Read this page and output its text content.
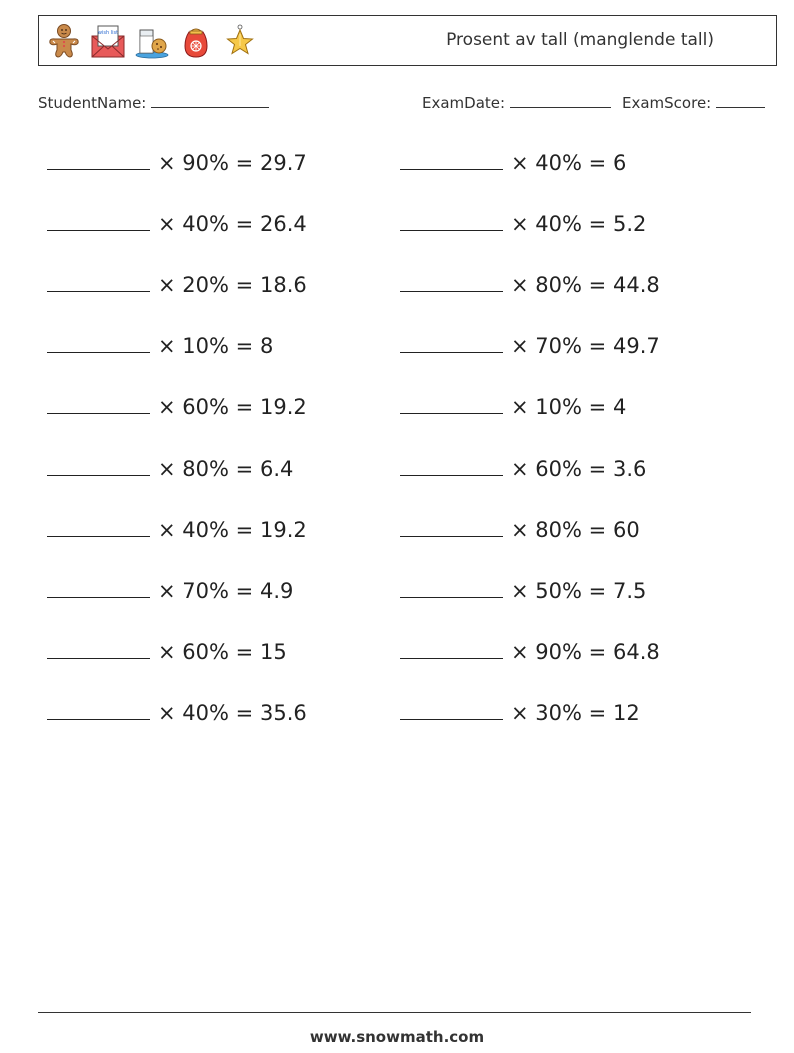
wish list	Prosent av tall (manglende tall)
StudentName:	ExamDate:	ExamScore:
× 90% = 29.7	× 40% = 6
× 40% = 26.4	× 40% = 5.2
× 20% = 18.6	× 80% = 44.8
× 10% = 8	× 70% = 49.7
× 60% = 19.2	× 10% = 4
× 80% = 6.4	× 60% = 3.6
× 40% = 19.2	× 80% = 60
× 70% = 4.9	× 50% = 7.5
× 60% = 15	× 90% = 64.8
× 40% = 35.6	× 30% = 12
www.snowmath.com
